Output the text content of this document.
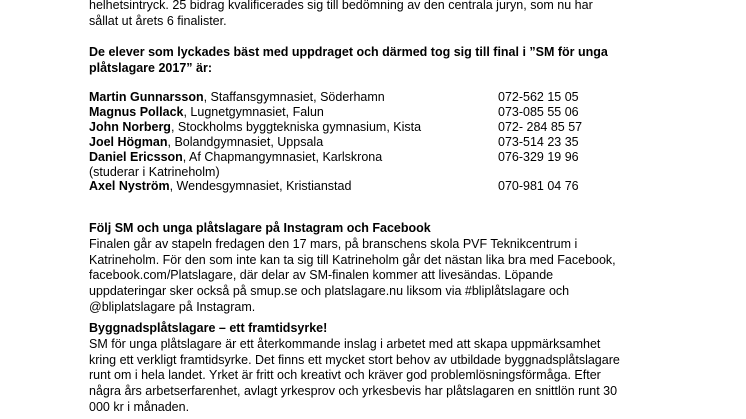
helhetsintryck. 25 bidrag kvalificerades sig till bedömning av den centrala juryn, som nu har
sållat ut årets 6 finalister.
De elever som lyckades bäst med uppdraget och därmed tog sig till final i ”SM för unga
plåtslagare 2017” är:
Martin Gunnarsson, Staffansgymnasiet, Söderhamn	072-562 15 05
Magnus Pollack, Lugnetgymnasiet, Falun	073-085 55 06
John Norberg, Stockholms byggtekniska gymnasium, Kista	072- 284 85 57
Joel Högman, Bolandgymnasiet, Uppsala	073-514 23 35
Daniel Ericsson, Af Chapmangymnasiet, Karlskrona	076-329 19 96
(studerar i Katrineholm)
Axel Nyström, Wendesgymnasiet, Kristianstad	070-981 04 76
Följ SM och unga plåtslagare på Instagram och Facebook
Finalen går av stapeln fredagen den 17 mars, på branschens skola PVF Teknikcentrum i
Katrineholm. För den som inte kan ta sig till Katrineholm går det nästan lika bra med Facebook,
facebook.com/Platslagare, där delar av SM-finalen kommer att livesändas. Löpande
uppdateringar sker också på smup.se och platslagare.nu liksom via #bliplåtslagare och
@bliplatslagare på Instagram.
Byggnadsplåtslagare – ett framtidsyrke!
SM för unga plåtslagare är ett återkommande inslag i arbetet med att skapa uppmärksamhet
kring ett verkligt framtidsyrke. Det finns ett mycket stort behov av utbildade byggnadsplåtslagare
runt om i hela landet. Yrket är fritt och kreativt och kräver god problemlösningsförmåga. Efter
några års arbetserfarenhet, avlagt yrkesprov och yrkesbevis har plåtslagaren en snittlön runt 30
000 kr i månaden.
